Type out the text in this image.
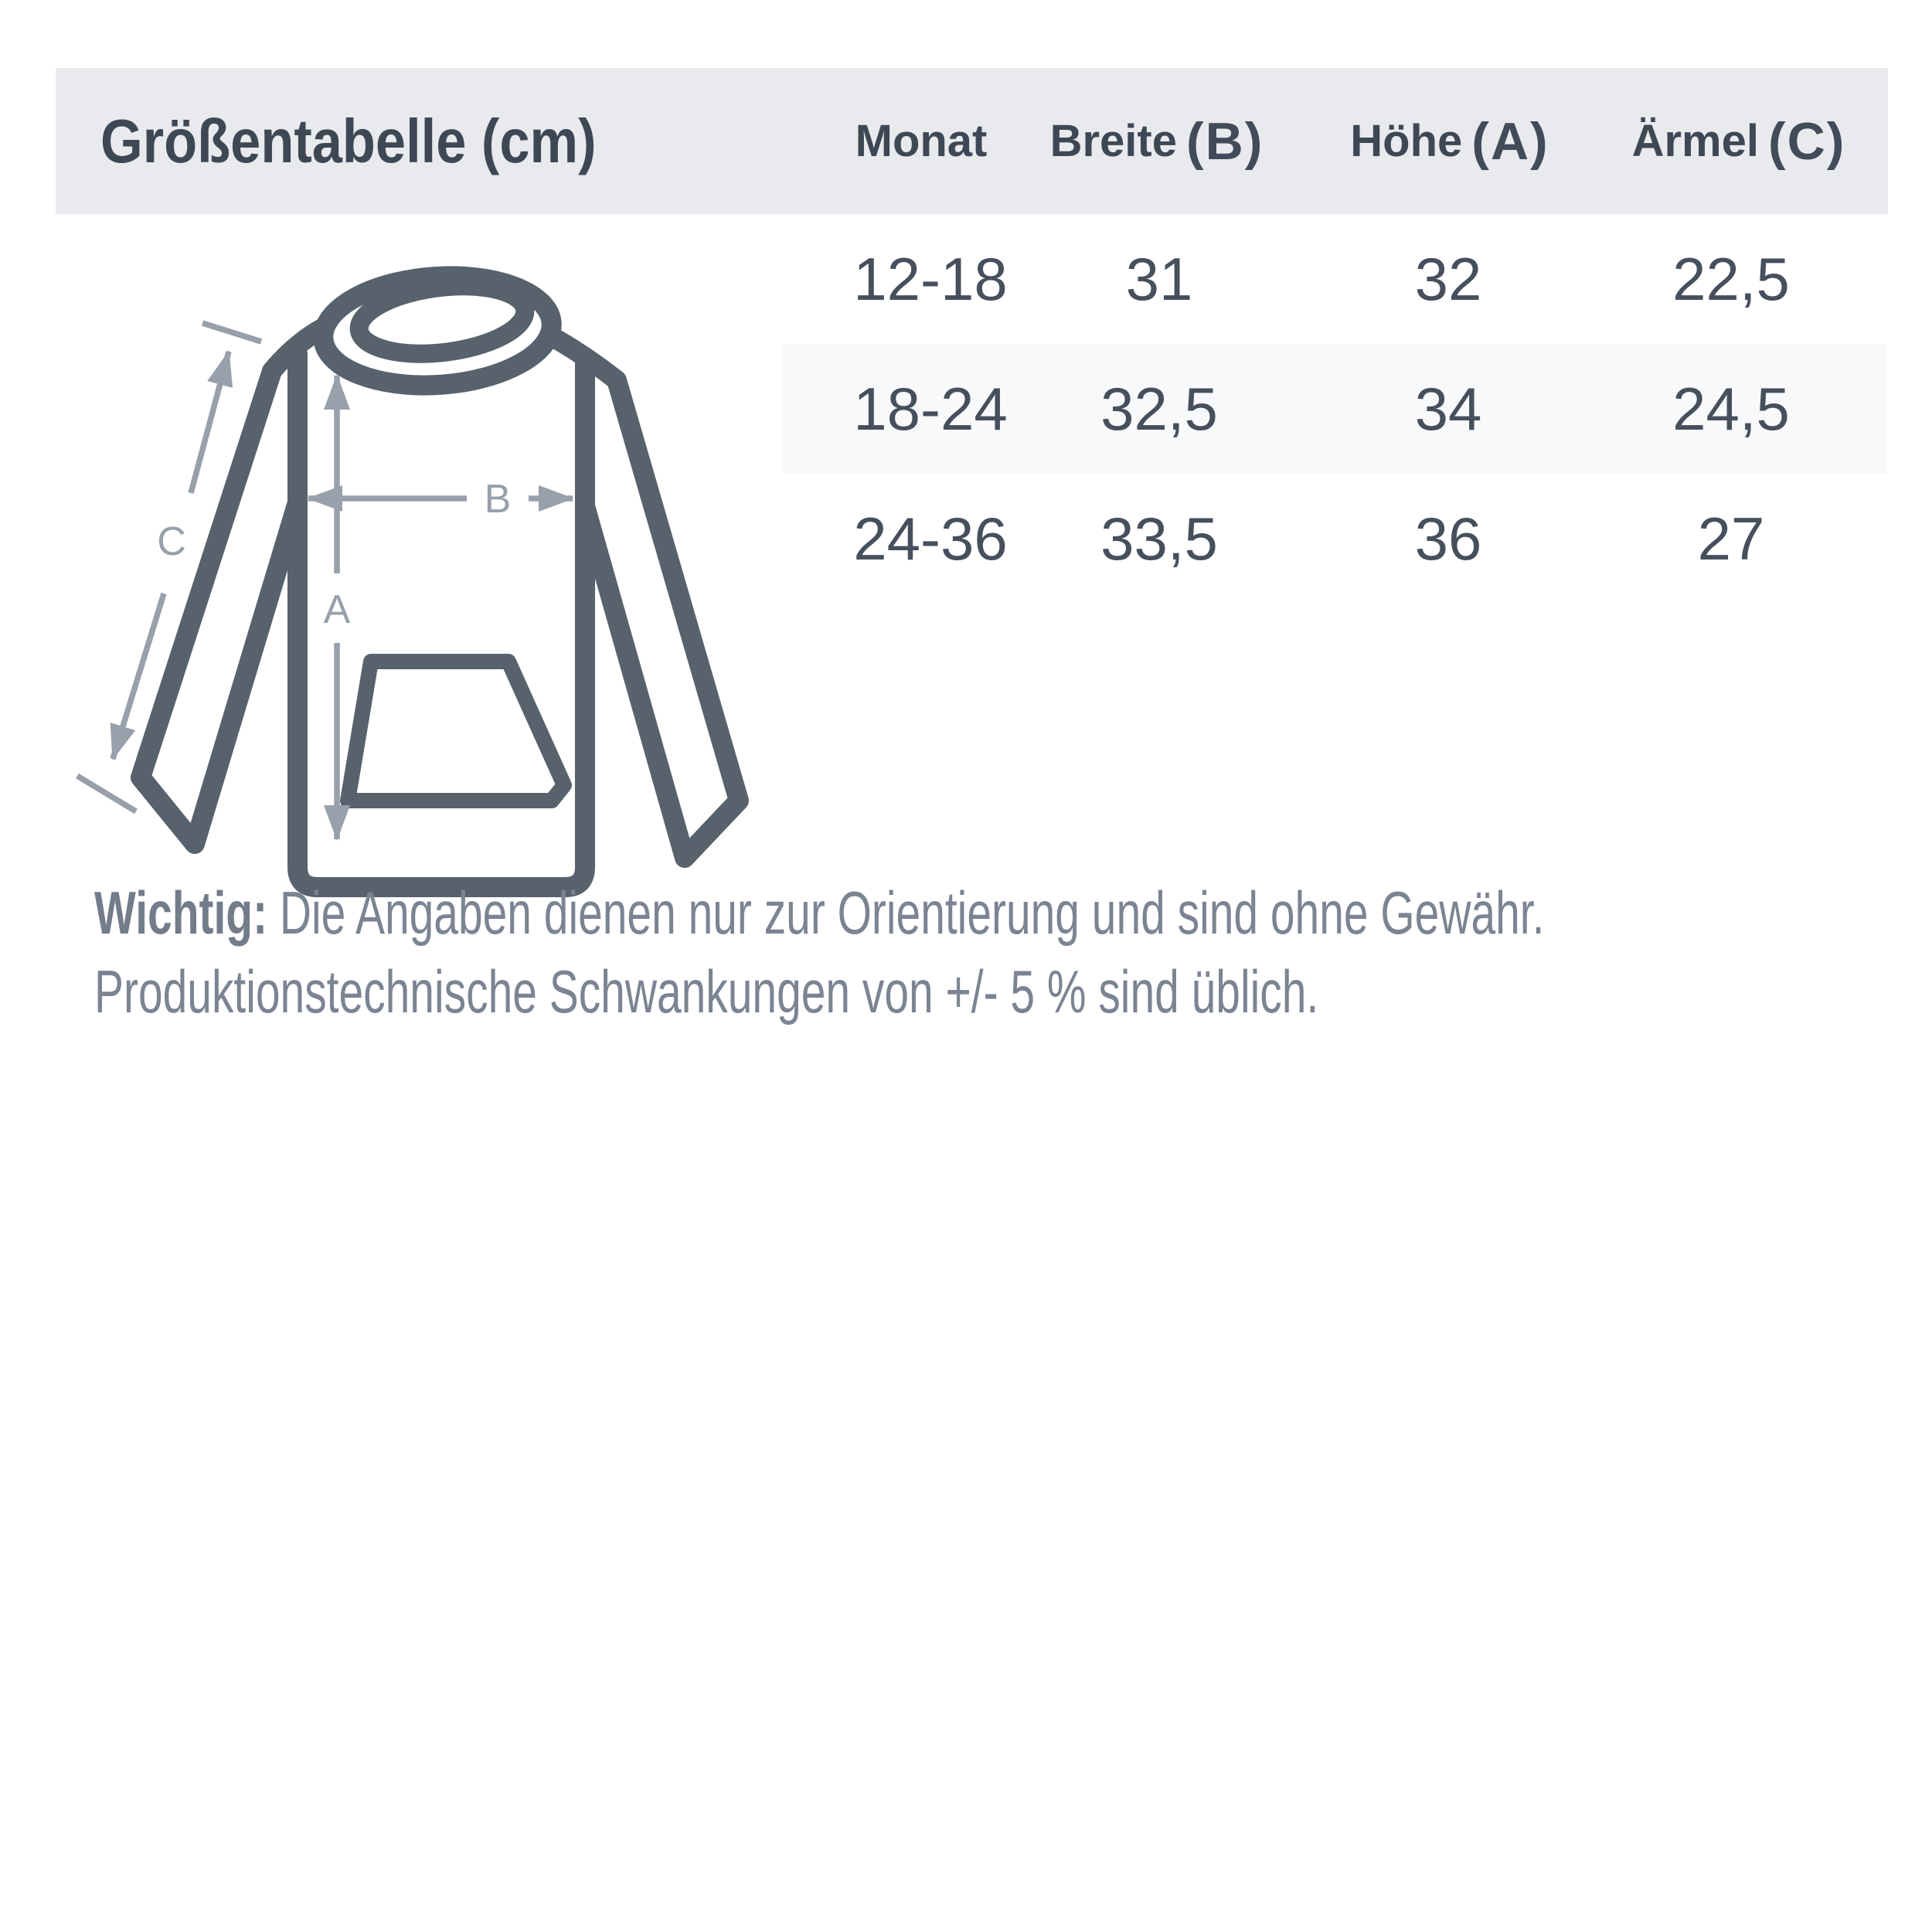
Größentabelle (cm)	Monat Breite (B) Höhe (A) Ärmel (C)
12-18 31	32	22,5
18-24 32,5	34	24,5
24-36 33,5	36	27
A
B
C
Wichtig: Die Angaben dienen nur zur Orientierung und sind ohne Gewähr.
Produktionstechnische Schwankungen von +/- 5 % sind üblich.
